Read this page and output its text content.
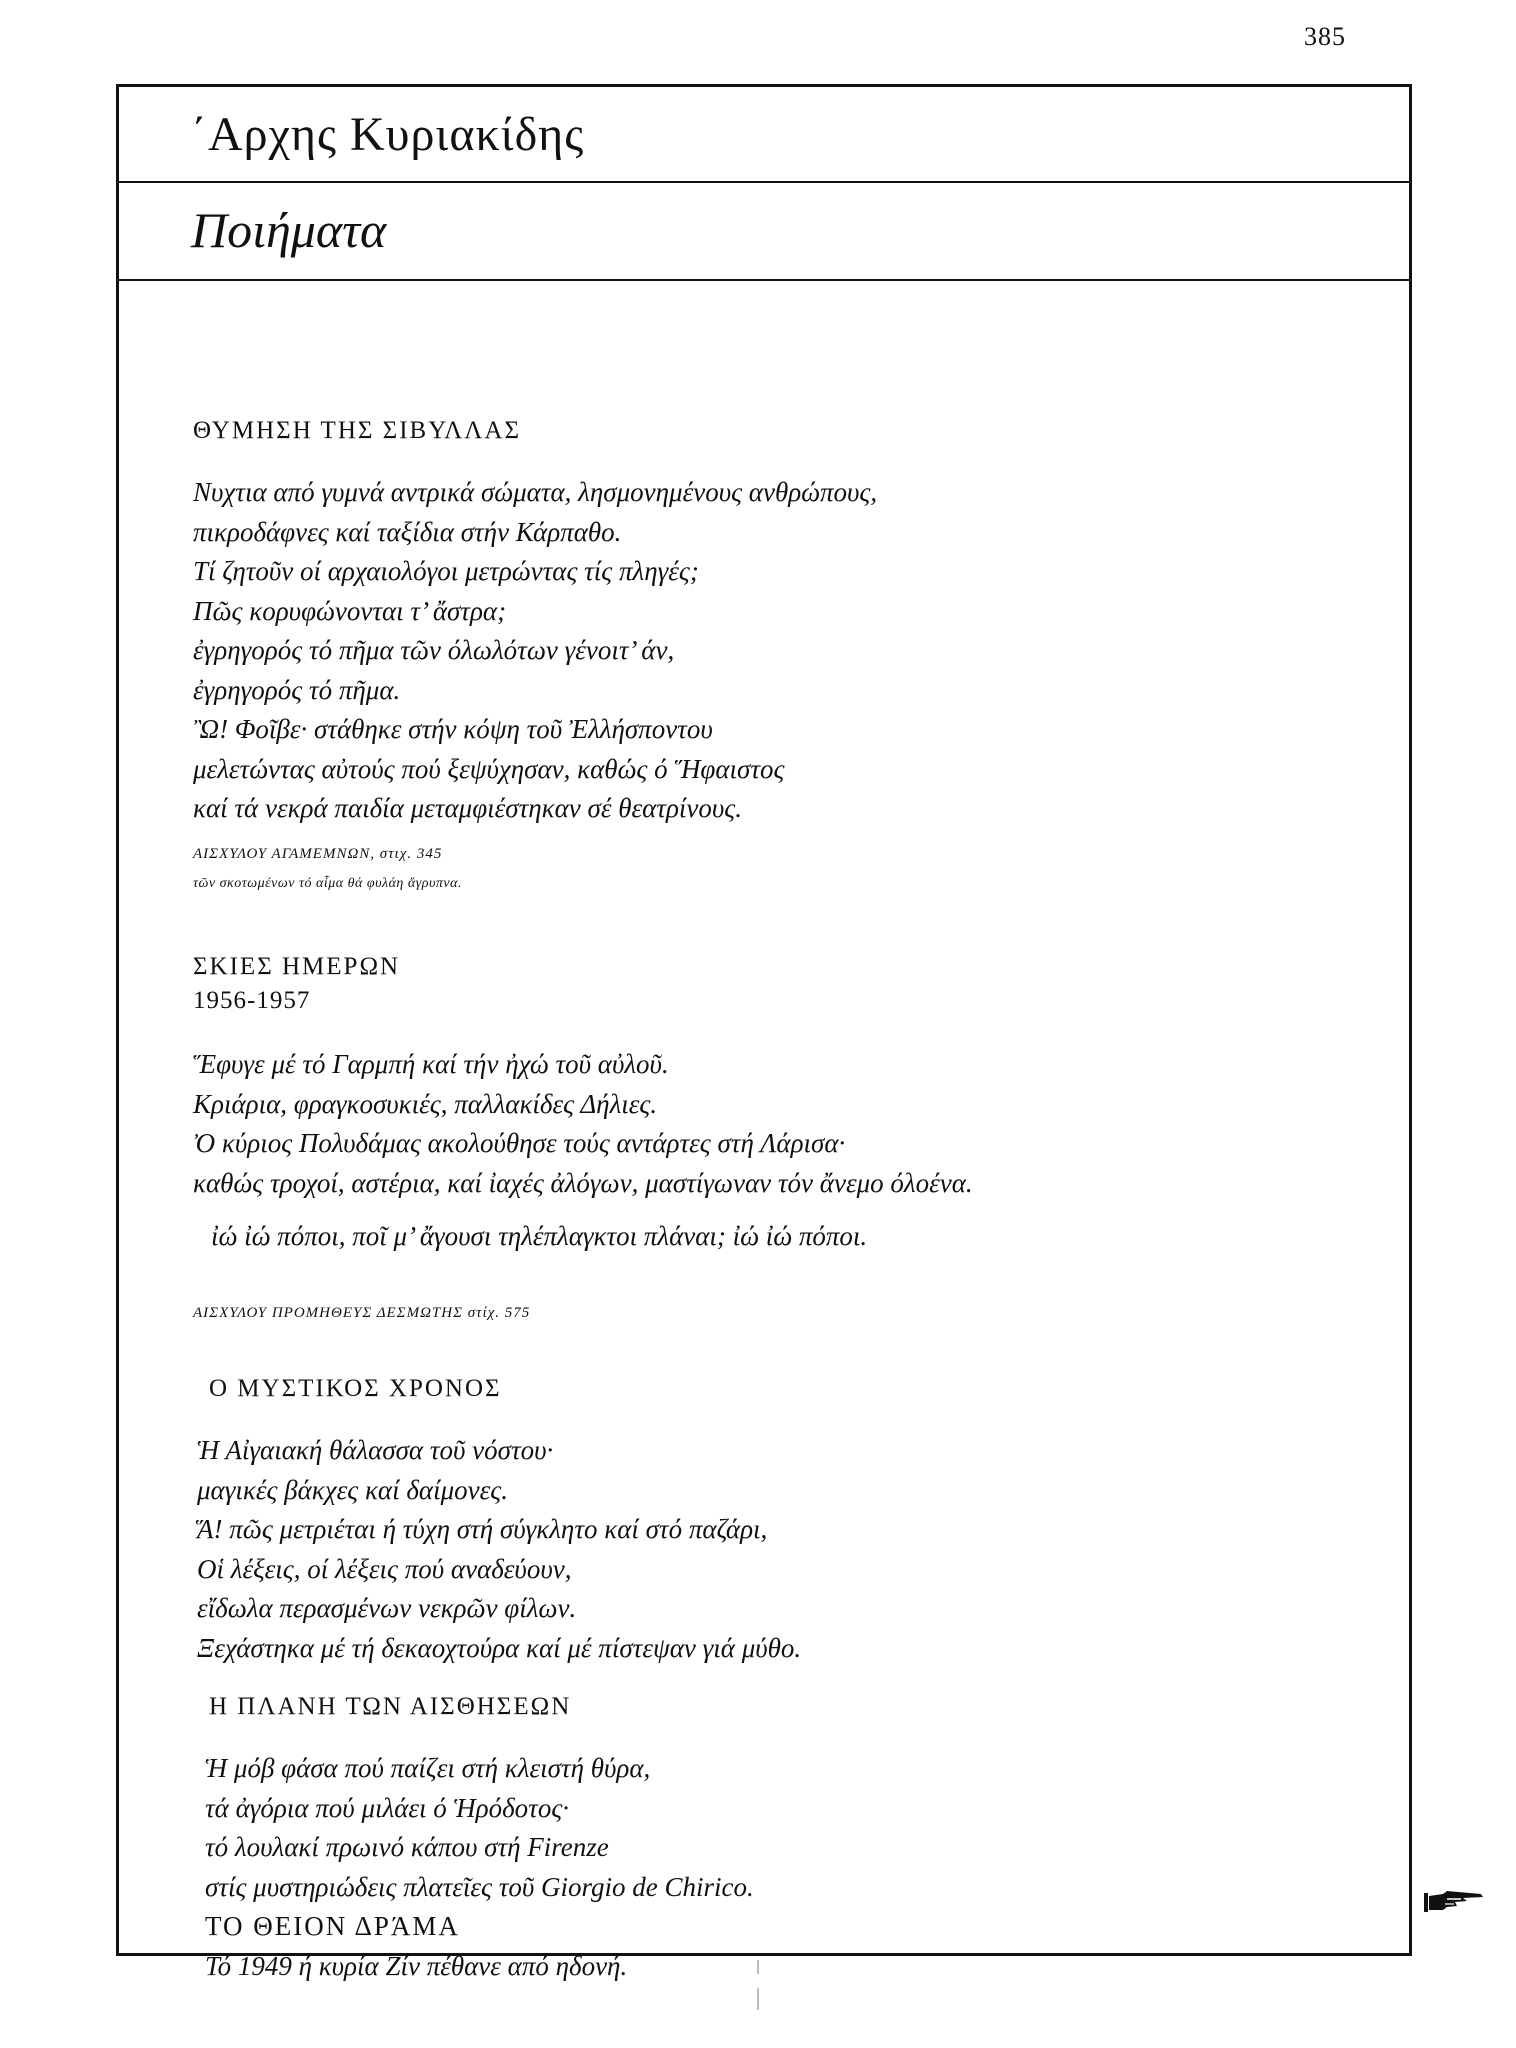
385
΄Αρχης Κυριακίδης
Ποιήματα
ΘΥΜΗΣΗ ΤΗΣ ΣΙΒΥΛΛΑΣ
Νυχτια από γυμνά αντρικά σώματα, λησμονημένους ανθρώπους,
πικροδάφνες καί ταξίδια στήν Κάρπαθο.
Τί ζητοῦν οί αρχαιολόγοι μετρώντας τίς πληγές;
Πῶς κορυφώνονται τ’ ἄστρα;
ἐγρηγορός τό πῆμα τῶν όλωλότων γένοιτ’ άν,
ἐγρηγορός τό πῆμα.
Ὢ! Φοῖβε· στάθηκε στήν κόψη τοῦ Ἐλλήσποντου
μελετώντας αὐτούς πού ξεψύχησαν, καθώς ό Ἥφαιστος
καί τά νεκρά παιδία μεταμφιέστηκαν σέ θεατρίνους.
ΑΙΣΧΥΛΟΥ ΑΓΑΜΕΜΝΩΝ, στιχ. 345
τῶν σκοτωμένων τό αἷμα θά φυλάη ἄγρυπνα.
ΣΚΙΕΣ ΗΜΕΡΩΝ
1956-1957
Ἕφυγε μέ τό Γαρμπή καί τήν ἠχώ τοῦ αὐλοῦ.
Κριάρια, φραγκοσυκιές, παλλακίδες Δήλιες.
Ὀ κύριος Πολυδάμας ακολούθησε τούς αντάρτες στή Λάρισα·
καθώς τροχοί, αστέρια, καί ἰαχές ἀλόγων, μαστίγωναν τόν ἄνεμο όλοένα.
ἰώ ἰώ πόποι, ποῖ μ’ ἄγουσι τηλέπλαγκτοι πλάναι; ἰώ ἰώ πόποι.
ΑΙΣΧΥΛΟΥ ΠΡΟΜΗΘΕΥΣ ΔΕΣΜΩΤΗΣ στίχ. 575
Ο ΜΥΣΤΙΚΟΣ ΧΡΟΝΟΣ
Ἡ Αἰγαιακή θάλασσα τοῦ νόστου·
μαγικές βάκχες καί δαίμονες.
Ἅ! πῶς μετριέται ή τύχη στή σύγκλητο καί στό παζάρι,
Οἱ λέξεις, οί λέξεις πού αναδεύουν,
εἴδωλα περασμένων νεκρῶν φίλων.
Ξεχάστηκα μέ τή δεκαοχτούρα καί μέ πίστεψαν γιά μύθο.
Η ΠΛΑΝΗ ΤΩΝ ΑΙΣΘΗΣΕΩΝ
Ἡ μόβ φάσα πού παίζει στή κλειστή θύρα,
τά ἀγόρια πού μιλάει ό Ἡρόδοτος·
τό λουλακί πρωινό κάπου στή Firenze
στίς μυστηριώδεις πλατεῖες τοῦ Giorgio de Chirico.
ΤΟ ΘΕΙΟΝ ΔΡΆΜΑ
Τό 1949 ή κυρία Ζίν πέθανε από ηδονή.
